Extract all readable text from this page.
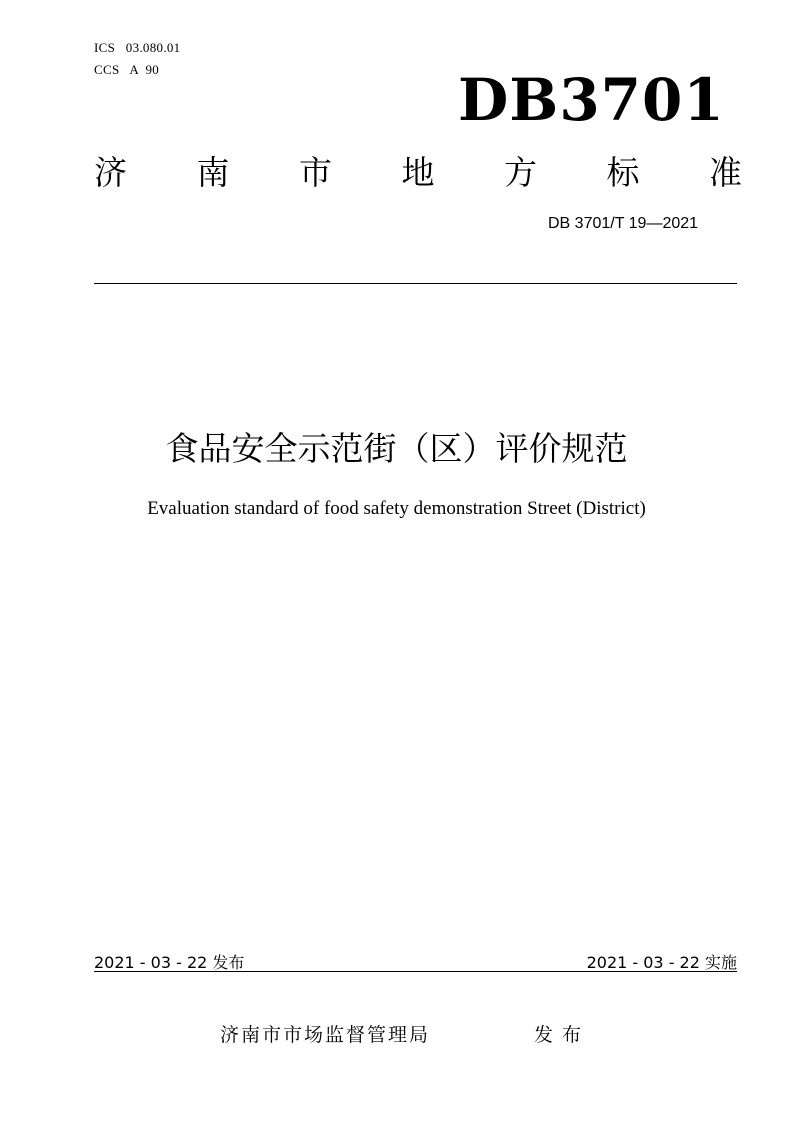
ICS   03.080.01
CCS   A  90	DB3701
济 南 市 地 方 标 准
DB 3701/T 19—2021
食品安全示范街（区）评价规范
Evaluation standard of food safety demonstration Street (District)
2021 - 03 - 22 发布	2021 - 03 - 22 实施
济南市市场监督管理局	发布
